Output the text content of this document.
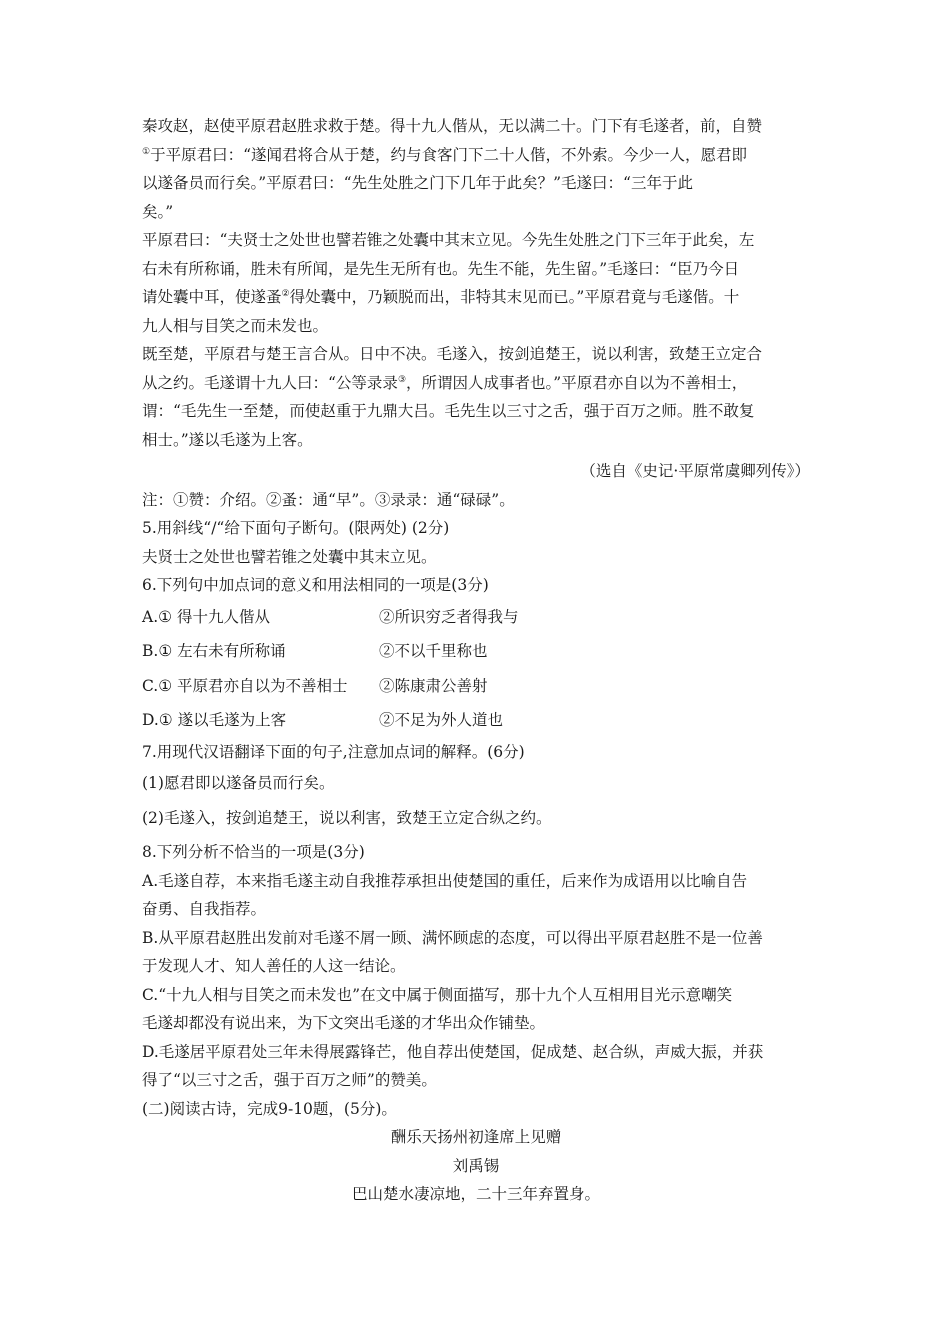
秦攻赵，赵使平原君赵胜求救于楚。得十九人偕从，无以满二十。门下有毛遂者，前，自赞

①于平原君曰：“遂闻君将合从于楚，约与食客门下二十人偕，不外索。今少一人，愿君即

以遂备员而行矣。”平原君曰：“先生处胜之门下几年于此矣？”毛遂曰：“三年于此

矣。”

平原君曰：“夫贤士之处世也譬若锥之处囊中其末立见。今先生处胜之门下三年于此矣，左

右未有所称诵，胜未有所闻，是先生无所有也。先生不能，先生留。”毛遂曰：“臣乃今日

请处囊中耳，使遂蚤②得处囊中，乃颖脱而出，非特其末见而已。”平原君竟与毛遂偕。十

九人相与目笑之而未发也。

既至楚，平原君与楚王言合从。日中不决。毛遂入，按剑追楚王，说以利害，致楚王立定合

从之约。毛遂谓十九人曰：“公等录录③，所谓因人成事者也。”平原君亦自以为不善相士，

谓：“毛先生一至楚，而使赵重于九鼎大吕。毛先生以三寸之舌，强于百万之师。胜不敢复

相士。”遂以毛遂为上客。

（选自《史记·平原常虞卿列传》）

注：①赞：介绍。②蚤：通“早”。③录录：通“碌碌”。

5.用斜线“/“给下面句子断句。(限两处) (2分)

夫贤士之处世也譬若锥之处囊中其末立见。

6.下列句中加点词的意义和用法相同的一项是(3分)

A.① 得十九人偕从	②所识穷乏者得我与
B.① 左右未有所称诵	②不以千里称也
C.① 平原君亦自以为不善相士	②陈康肃公善射
D.① 遂以毛遂为上客	②不足为外人道也

7.用现代汉语翻译下面的句子,注意加点词的解释。(6分)

(1)愿君即以遂备员而行矣。

(2)毛遂入，按剑追楚王，说以利害，致楚王立定合纵之约。

8.下列分析不恰当的一项是(3分)

A.毛遂自荐，本来指毛遂主动自我推荐承担出使楚国的重任，后来作为成语用以比喻自告

奋勇、自我指荐。

B.从平原君赵胜出发前对毛遂不屑一顾、满怀顾虑的态度，可以得出平原君赵胜不是一位善

于发现人才、知人善任的人这一结论。

C.“十九人相与目笑之而未发也”在文中属于侧面描写，那十九个人互相用目光示意嘲笑

毛遂却都没有说出来，为下文突出毛遂的才华出众作铺垫。

D.毛遂居平原君处三年未得展露锋芒，他自荐出使楚国，促成楚、赵合纵，声威大振，并获

得了“以三寸之舌，强于百万之师”的赞美。

(二)阅读古诗，完成9-10题，(5分)。

酬乐天扬州初逢席上见赠

刘禹锡

巴山楚水凄凉地，二十三年弃置身。
